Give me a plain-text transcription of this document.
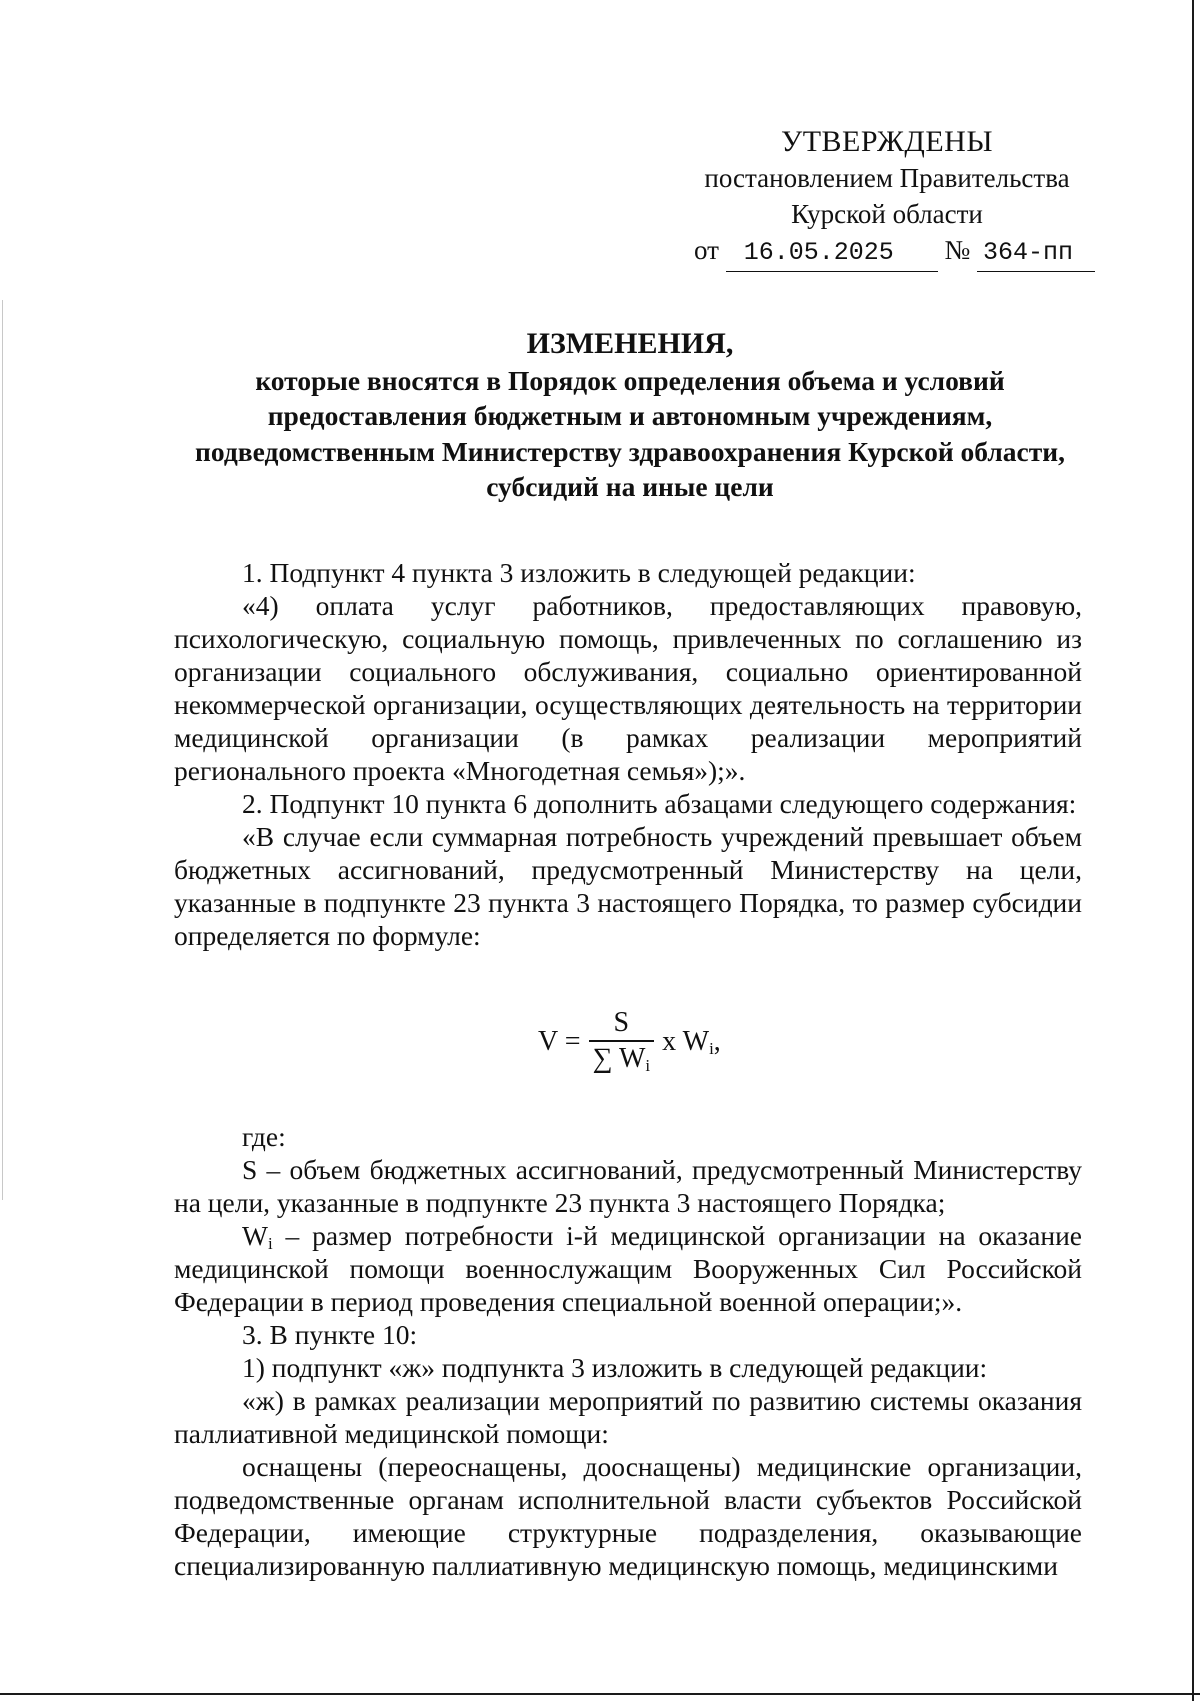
УТВЕРЖДЕНЫ
постановлением Правительства
Курской области
от 16.05.2025 № 364-пп
ИЗМЕНЕНИЯ,
которые вносятся в Порядок определения объема и условий
предоставления бюджетным и автономным учреждениям,
подведомственным Министерству здравоохранения Курской области,
субсидий на иные цели

1. Подпункт 4 пункта 3 изложить в следующей редакции:

«4) оплата услуг работников, предоставляющих правовую, психологическую, социальную помощь, привлеченных по соглашению из организации социального обслуживания, социально ориентированной некоммерческой организации, осуществляющих деятельность на территории медицинской организации (в рамках реализации мероприятий регионального проекта «Многодетная семья»);».

2. Подпункт 10 пункта 6 дополнить абзацами следующего содержания:

«В случае если суммарная потребность учреждений превышает объем бюджетных ассигнований, предусмотренный Министерству на цели, указанные в подпункте 23 пункта 3 настоящего Порядка, то размер субсидии определяется по формуле:

$V = \frac{S}{\sum W_i}$ x $W_i$,

где:

S – объем бюджетных ассигнований, предусмотренный Министерству на цели, указанные в подпункте 23 пункта 3 настоящего Порядка;

$W_i$ – размер потребности i-й медицинской организации на оказание медицинской помощи военнослужащим Вооруженных Сил Российской Федерации в период проведения специальной военной операции;».

3. В пункте 10:

1) подпункт «ж» подпункта 3 изложить в следующей редакции:

«ж) в рамках реализации мероприятий по развитию системы оказания паллиативной медицинской помощи:

оснащены (переоснащены, дооснащены) медицинские организации, подведомственные органам исполнительной власти субъектов Российской Федерации, имеющие структурные подразделения, оказывающие специализированную паллиативную медицинскую помощь, медицинскими
